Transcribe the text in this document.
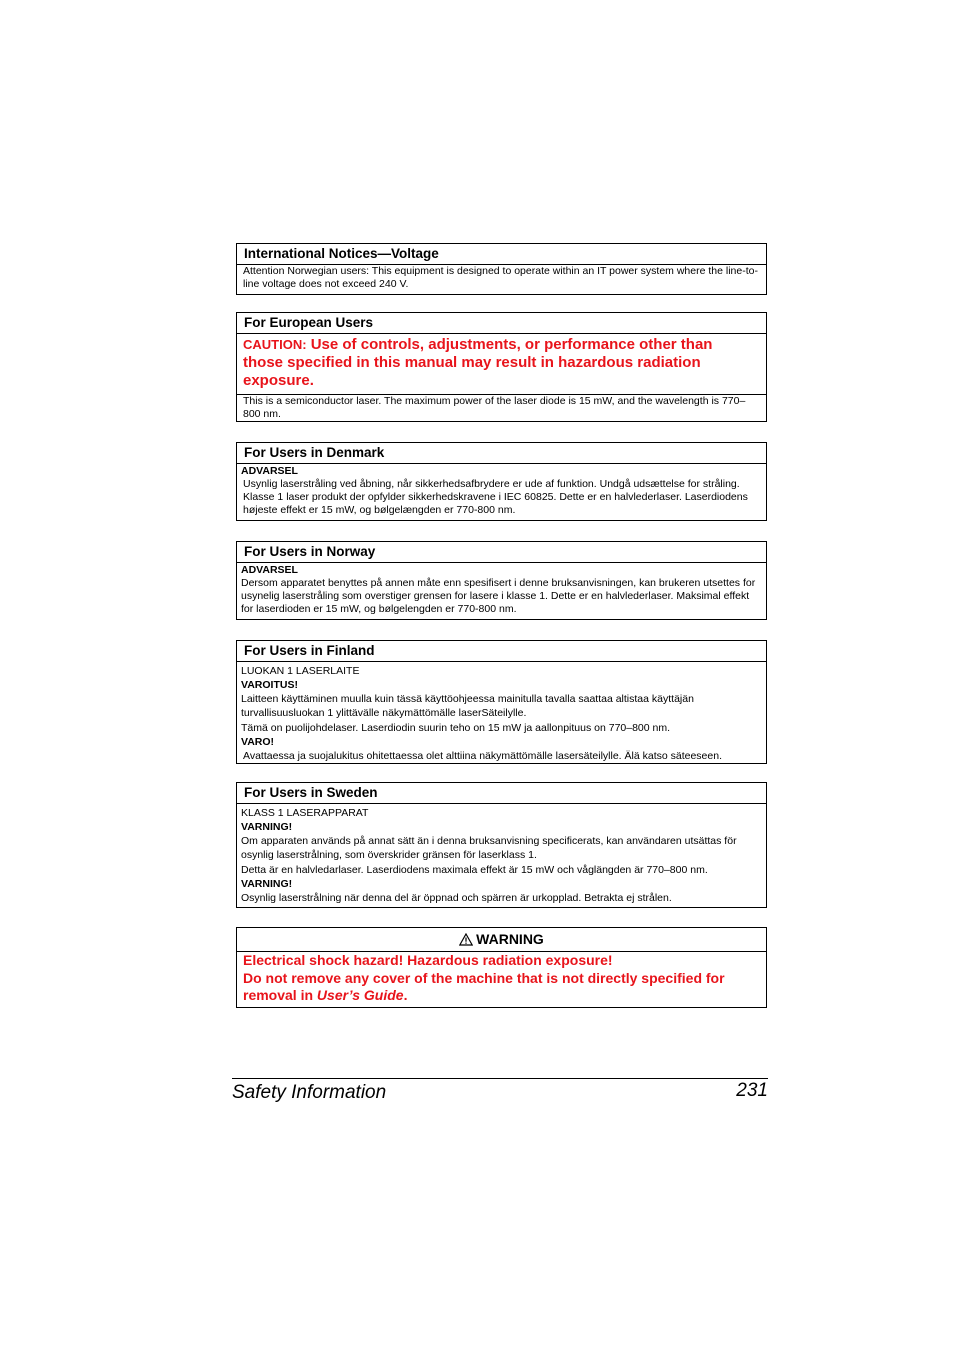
International Notices—Voltage
Attention Norwegian users: This equipment is designed to operate within an IT power system where the line-to-line voltage does not exceed 240 V.
For European Users
CAUTION: Use of controls, adjustments, or performance other than those specified in this manual may result in hazardous radiation exposure.
This is a semiconductor laser. The maximum power of the laser diode is 15 mW, and the wavelength is 770–800 nm.
For Users in Denmark
ADVARSEL
Usynlig laserstråling ved åbning, når sikkerhedsafbrydere er ude af funktion. Undgå udsættelse for stråling. Klasse 1 laser produkt der opfylder sikkerhedskravene i IEC 60825. Dette er en halvlederlaser. Laserdiodens højeste effekt er 15 mW, og bølgelængden er 770-800 nm.
For Users in Norway
ADVARSEL
Dersom apparatet benyttes på annen måte enn spesifisert i denne bruksanvisningen, kan brukeren utsettes for usynelig laserstråling som overstiger grensen for lasere i klasse 1. Dette er en halvlederlaser. Maksimal effekt for laserdioden er 15 mW, og bølgelengden er 770-800 nm.
For Users in Finland
LUOKAN 1 LASERLAITE
VAROITUS!
Laitteen käyttäminen muulla kuin tässä käyttöohjeessa mainitulla tavalla saattaa altistaa käyttäjän turvallisuusluokan 1 ylittävälle näkymättömälle laserSäteilylle.
Tämä on puolijohdelaser. Laserdiodin suurin teho on 15 mW ja aallonpituus on 770–800 nm.
VARO!
Avattaessa ja suojalukitus ohitettaessa olet alttiina näkymättömälle lasersäteilylle. Älä katso säteeseen.
For Users in Sweden
KLASS 1 LASERAPPARAT
VARNING!
Om apparaten används på annat sätt än i denna bruksanvisning specificerats, kan användaren utsättas för osynlig laserstrålning, som överskrider gränsen för laserklass 1.
Detta är en halvledarlaser. Laserdiodens maximala effekt är 15 mW och våglängden är 770–800 nm.
VARNING!
Osynlig laserstrålning när denna del är öppnad och spärren är urkopplad. Betrakta ej strålen.
WARNING
Electrical shock hazard! Hazardous radiation exposure!
Do not remove any cover of the machine that is not directly specified for removal in User’s Guide.
Safety Information	231
